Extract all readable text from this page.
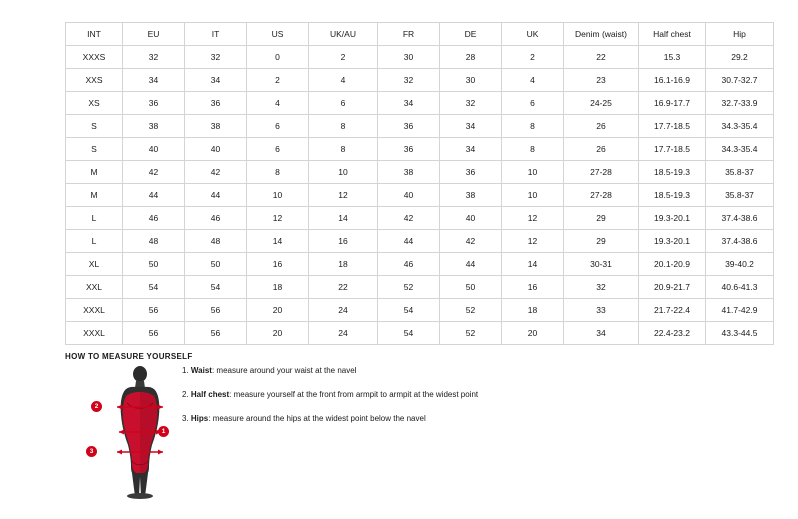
INT	EU	IT	US	UK/AU	FR	DE	UK	Denim (waist)	Half chest	Hip
XXXS	32	32	0	2	30	28	2	22	15.3	29.2
XXS	34	34	2	4	32	30	4	23	16.1-16.9	30.7-32.7
XS	36	36	4	6	34	32	6	24-25	16.9-17.7	32.7-33.9
S	38	38	6	8	36	34	8	26	17.7-18.5	34.3-35.4
S	40	40	6	8	36	34	8	26	17.7-18.5	34.3-35.4
M	42	42	8	10	38	36	10	27-28	18.5-19.3	35.8-37
M	44	44	10	12	40	38	10	27-28	18.5-19.3	35.8-37
L	46	46	12	14	42	40	12	29	19.3-20.1	37.4-38.6
L	48	48	14	16	44	42	12	29	19.3-20.1	37.4-38.6
XL	50	50	16	18	46	44	14	30-31	20.1-20.9	39-40.2
XXL	54	54	18	22	52	50	16	32	20.9-21.7	40.6-41.3
XXXL	56	56	20	24	54	52	18	33	21.7-22.4	41.7-42.9
XXXL	56	56	20	24	54	52	20	34	22.4-23.2	43.3-44.5
HOW TO MEASURE YOURSELF
1. Waist: measure around your waist at the navel
2. Half chest: measure yourself at the front from armpit to armpit at the widest point
3. Hips: measure around the hips at the widest point below the navel
1
2
3
